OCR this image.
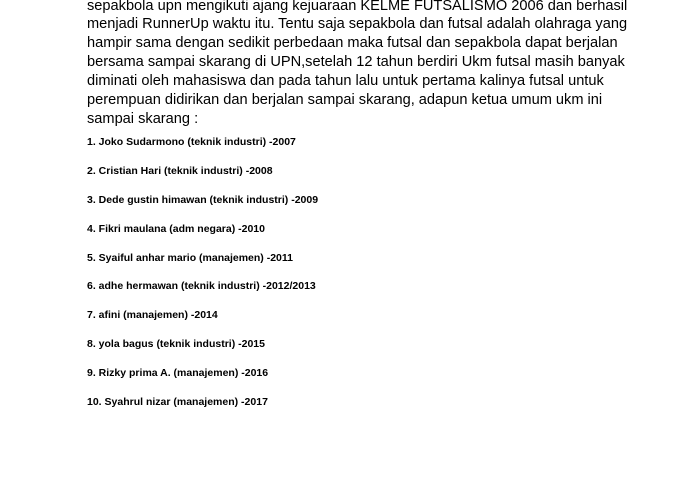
sepakbola upn mengikuti ajang kejuaraan KELME FUTSALISMO 2006 dan berhasil

menjadi RunnerUp waktu itu. Tentu saja sepakbola dan futsal adalah olahraga yang

hampir sama dengan sedikit perbedaan maka futsal dan sepakbola dapat berjalan

bersama sampai skarang di UPN,setelah 12 tahun berdiri Ukm futsal masih banyak

diminati oleh mahasiswa dan pada tahun lalu untuk pertama kalinya futsal untuk

perempuan didirikan dan berjalan sampai skarang, adapun ketua umum ukm ini

sampai skarang :

1. Joko Sudarmono (teknik industri) -2007
2. Cristian Hari (teknik industri) -2008
3. Dede gustin himawan (teknik industri) -2009
4. Fikri maulana (adm negara) -2010
5. Syaiful anhar mario (manajemen) -2011
6. adhe hermawan (teknik industri) -2012/2013
7. afini (manajemen) -2014
8. yola bagus (teknik industri) -2015
9. Rizky prima A. (manajemen) -2016
10. Syahrul nizar (manajemen) -2017
